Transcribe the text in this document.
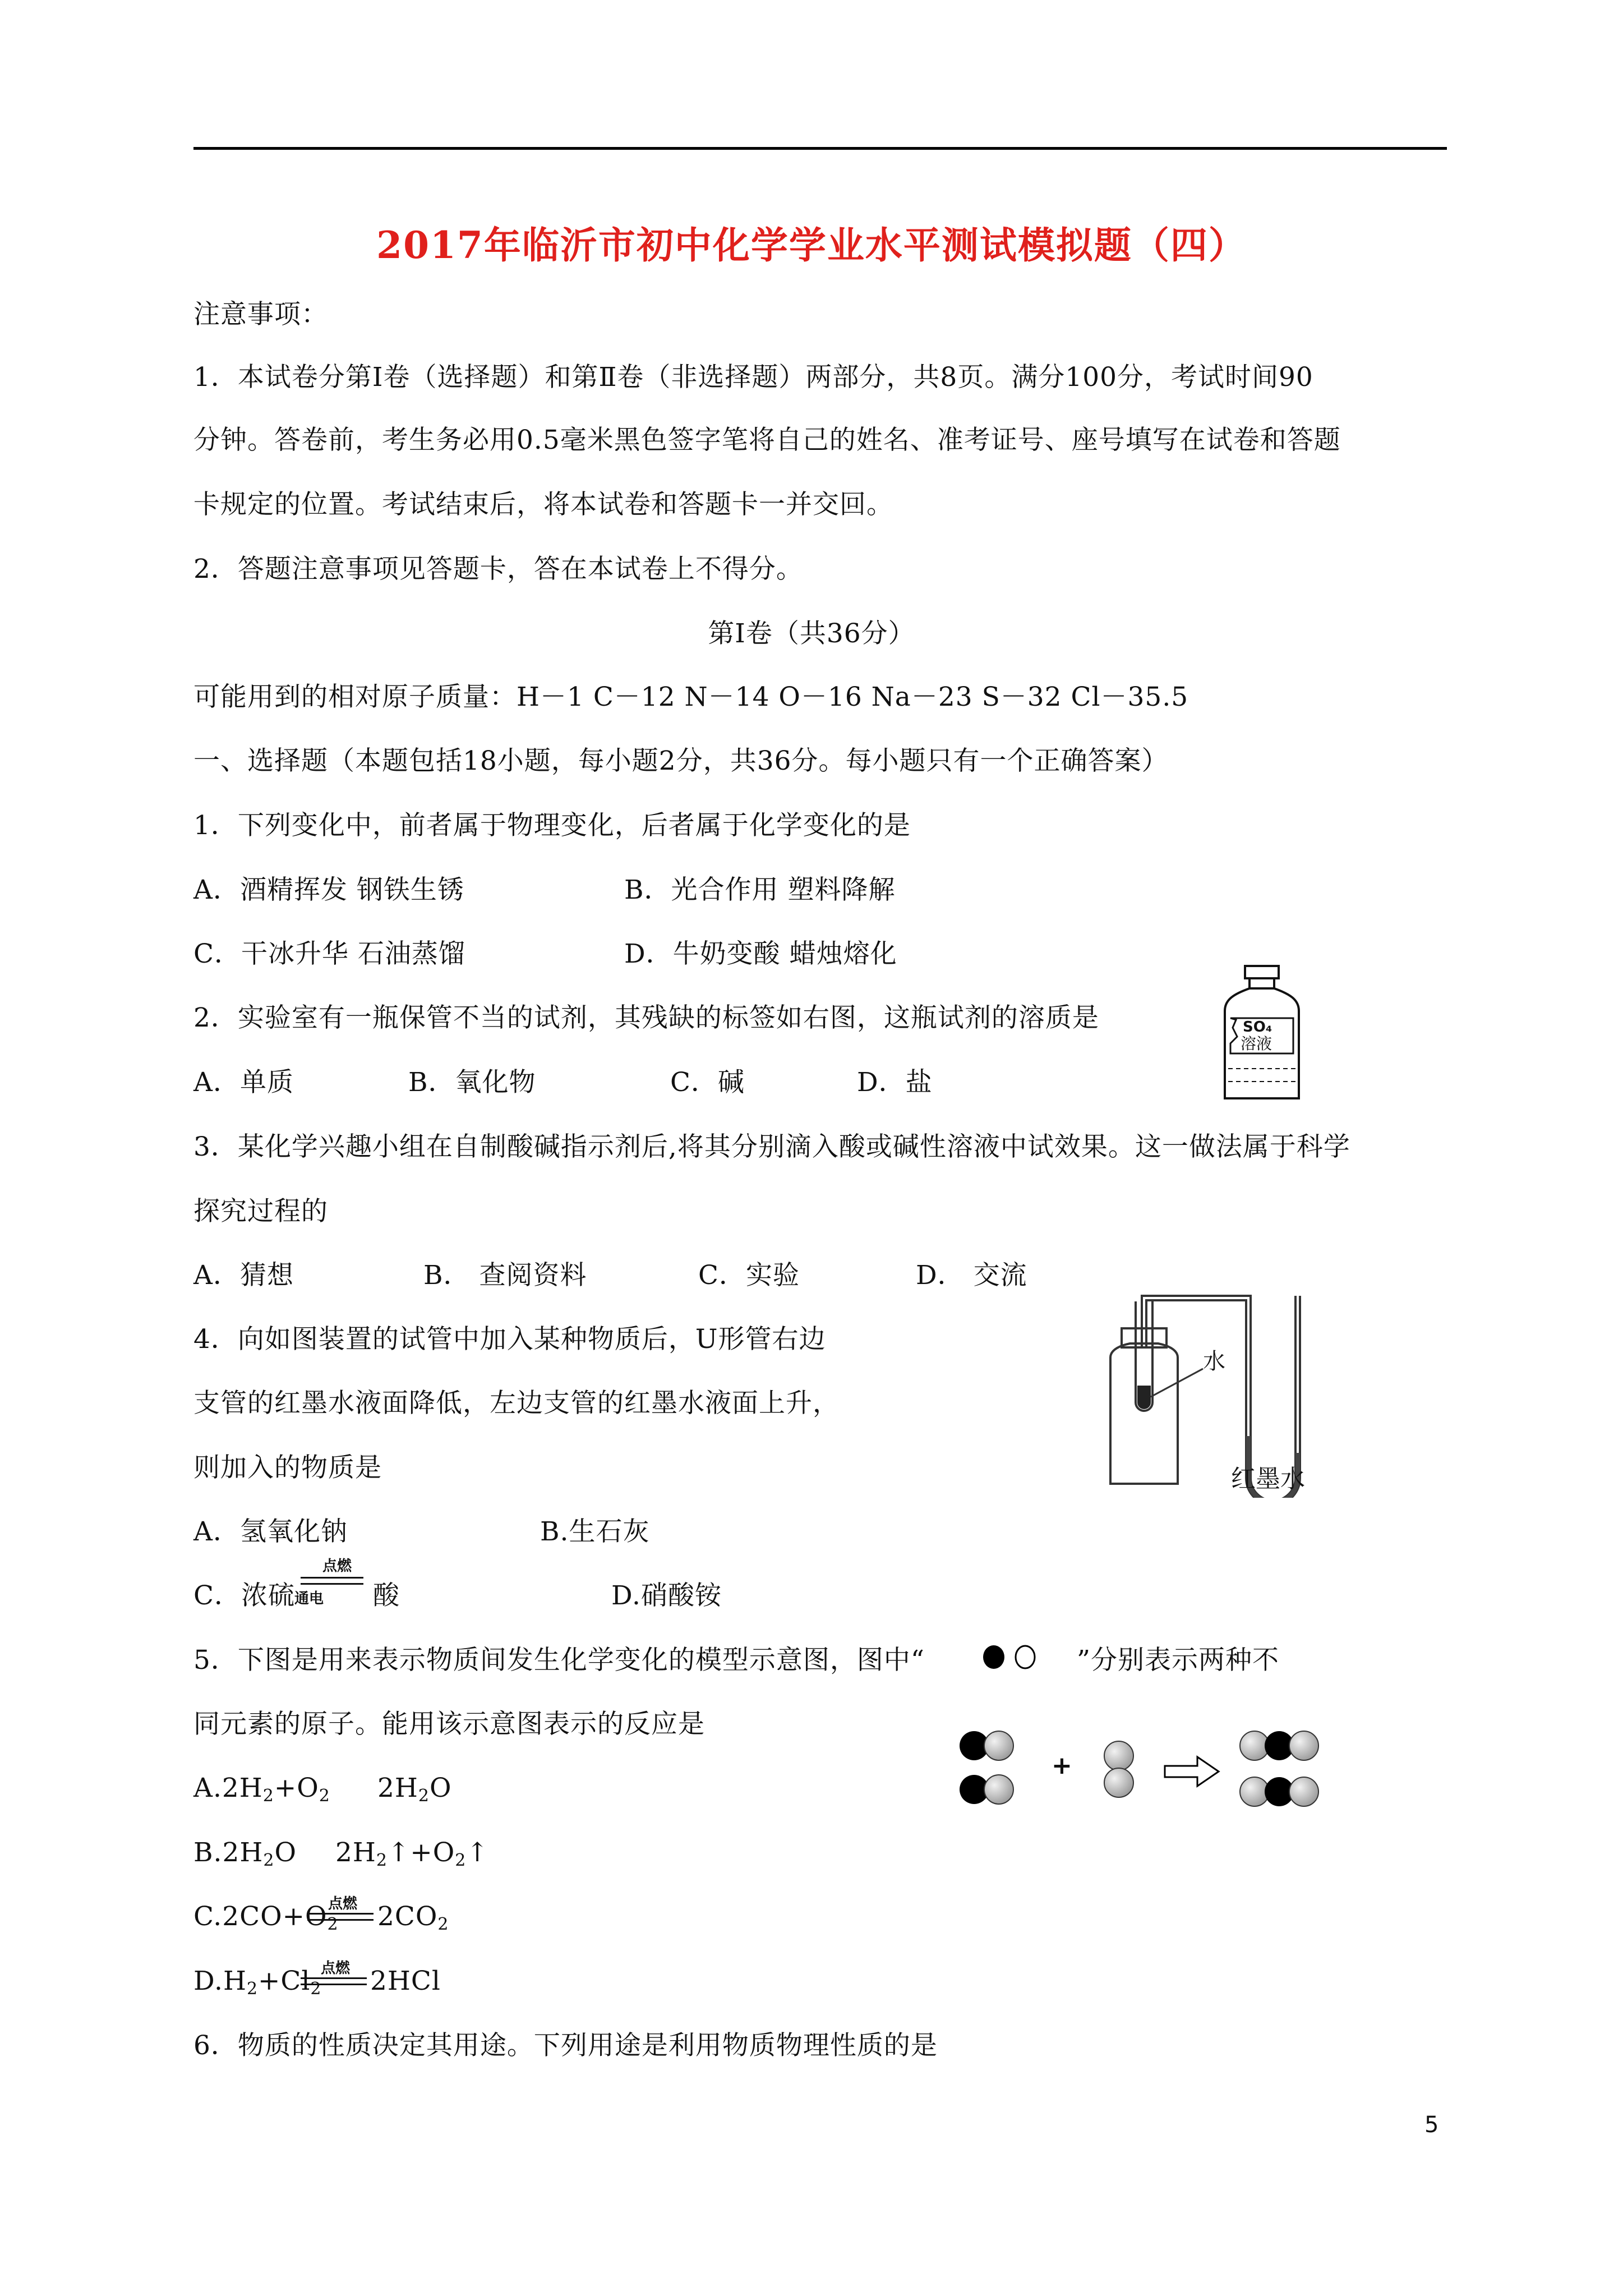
2017年临沂市初中化学学业水平测试模拟题（四）
注意事项：
1．本试卷分第Ⅰ卷（选择题）和第Ⅱ卷（非选择题）两部分，共8页。满分100分，考试时间90
分钟。答卷前，考生务必用0.5毫米黑色签字笔将自己的姓名、准考证号、座号填写在试卷和答题
卡规定的位置。考试结束后，将本试卷和答题卡一并交回。
2．答题注意事项见答题卡，答在本试卷上不得分。
第Ⅰ卷（共36分）
可能用到的相对原子质量：H－1 C－12 N－14 O－16 Na－23 S－32 Cl－35.5
一、选择题（本题包括18小题，每小题2分，共36分。每小题只有一个正确答案）
1．下列变化中，前者属于物理变化，后者属于化学变化的是
A．酒精挥发 钢铁生锈	B．光合作用 塑料降解
C．干冰升华 石油蒸馏	D．牛奶变酸 蜡烛熔化
2．实验室有一瓶保管不当的试剂，其残缺的标签如右图，这瓶试剂的溶质是
A．单质	B．氧化物	C．碱	D．盐
SO₄
溶液
3．某化学兴趣小组在自制酸碱指示剂后,将其分别滴入酸或碱性溶液中试效果。这一做法属于科学
探究过程的
A．猜想	B． 查阅资料	C．实验	D． 交流
4．向如图装置的试管中加入某种物质后，U形管右边
支管的红墨水液面降低，左边支管的红墨水液面上升，
则加入的物质是
A．氢氧化钠	B.生石灰
C．浓硫
点燃
通电 酸	D.硝酸铵
水
红墨水
5．下图是用来表示物质间发生化学变化的模型示意图，图中“	”分别表示两种不
同元素的原子。能用该示意图表示的反应是
$A.2H_2+O_2$ $2H_2O$
$B.2H_2O$ $2H_2↑+O_2↑$
$C.2CO+O_2$
点燃 $2CO_2$
$D.H_2+Cl_2$
点燃 2HCl
+
6．物质的性质决定其用途。下列用途是利用物质物理性质的是
5
